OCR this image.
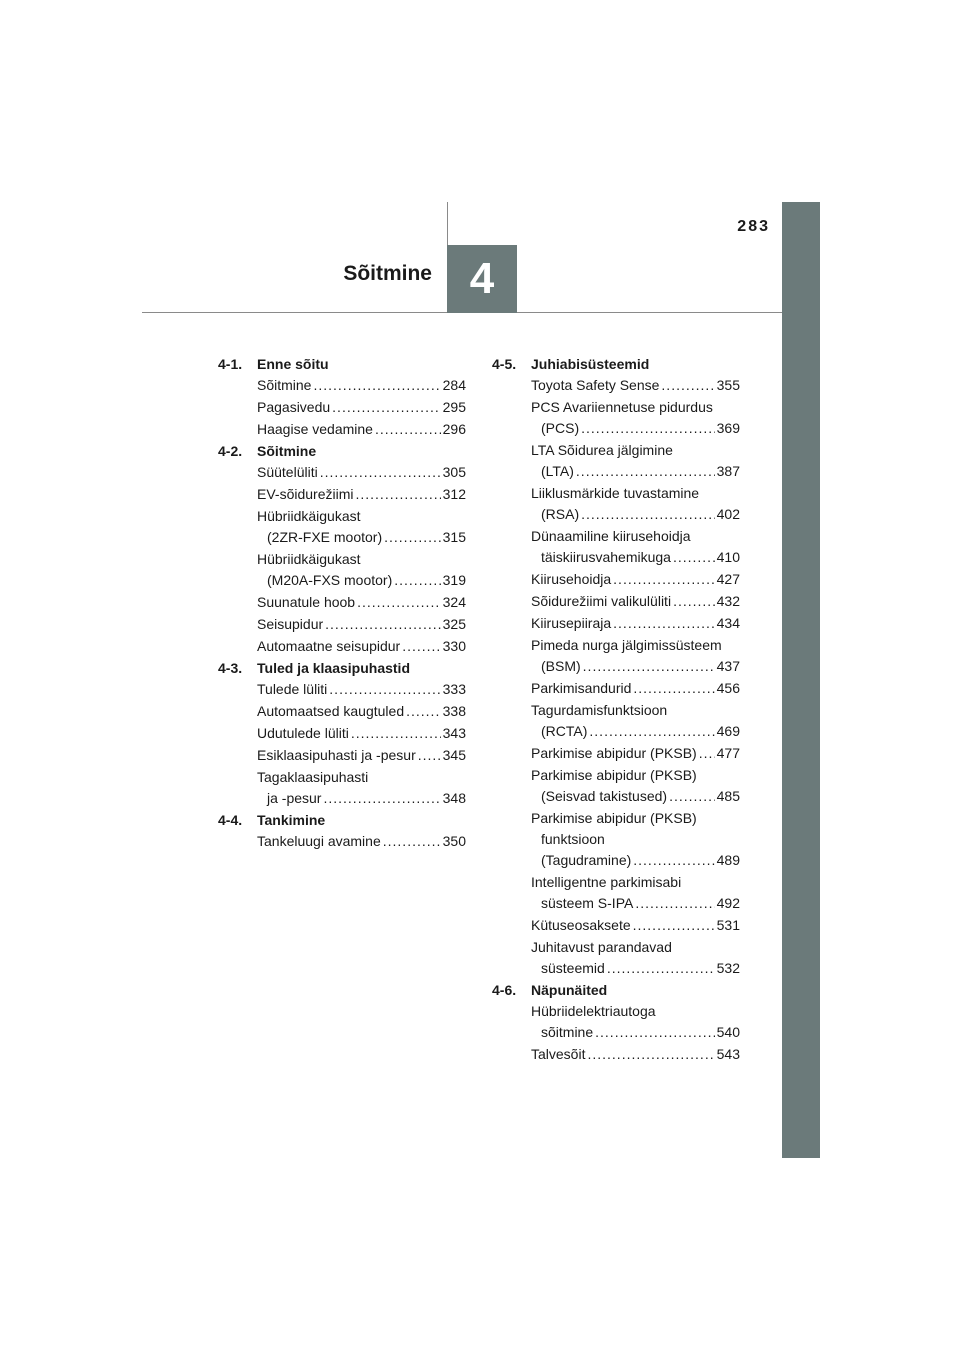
283
Sõitmine 4
4-1.	Enne sõitu
Sõitmine .....	284
Pagasivedu .....	295
Haagise vedamine .....	296
4-2.	Sõitmine
Süütelüliti .....	305
EV-sõidurežiimi .....	312
Hübriidkäigukast
(2ZR-FXE mootor) .....	315
Hübriidkäigukast
(M20A-FXS mootor) .....	319
Suunatule hoob .....	324
Seisupidur .....	325
Automaatne seisupidur .....	330
4-3.	Tuled ja klaasipuhastid
Tulede lüliti .....	333
Automaatsed kaugtuled .....	338
Udutulede lüliti .....	343
Esiklaasipuhasti ja -pesur ..... 345
Tagaklaasipuhasti
ja -pesur .....	348
4-4.	Tankimine
Tankeluugi avamine .....	350
4-5.	Juhiabisüsteemid
Toyota Safety Sense .....	355
PCS Avariiennetuse pidurdus
(PCS) .....	369
LTA Sõidurea jälgimine
(LTA) .....	387
Liiklusmärkide tuvastamine
(RSA) .....	402
Dünaamiline kiirusehoidja
täiskiirusvahemikuga .....	410
Kiirusehoidja .....	427
Sõidurežiimi valikulüliti .....	432
Kiirusepiiraja .....	434
Pimeda nurga jälgimissüsteem
(BSM) .....	437
Parkimisandurid .....	456
Tagurdamisfunktsioon
(RCTA) .....	469
Parkimise abipidur (PKSB) ..... 477
Parkimise abipidur (PKSB)
(Seisvad takistused) .....	485
Parkimise abipidur (PKSB)
funktsioon
(Tagudramine) .....	489
Intelligentne parkimisabi
süsteem S-IPA .....	492
Kütuseosaksete .....	531
Juhitavust parandavad
süsteemid .....	532
4-6.	Näpunäited
Hübriidelektriautoga
sõitmine .....	540
Talvesõit .....	543
